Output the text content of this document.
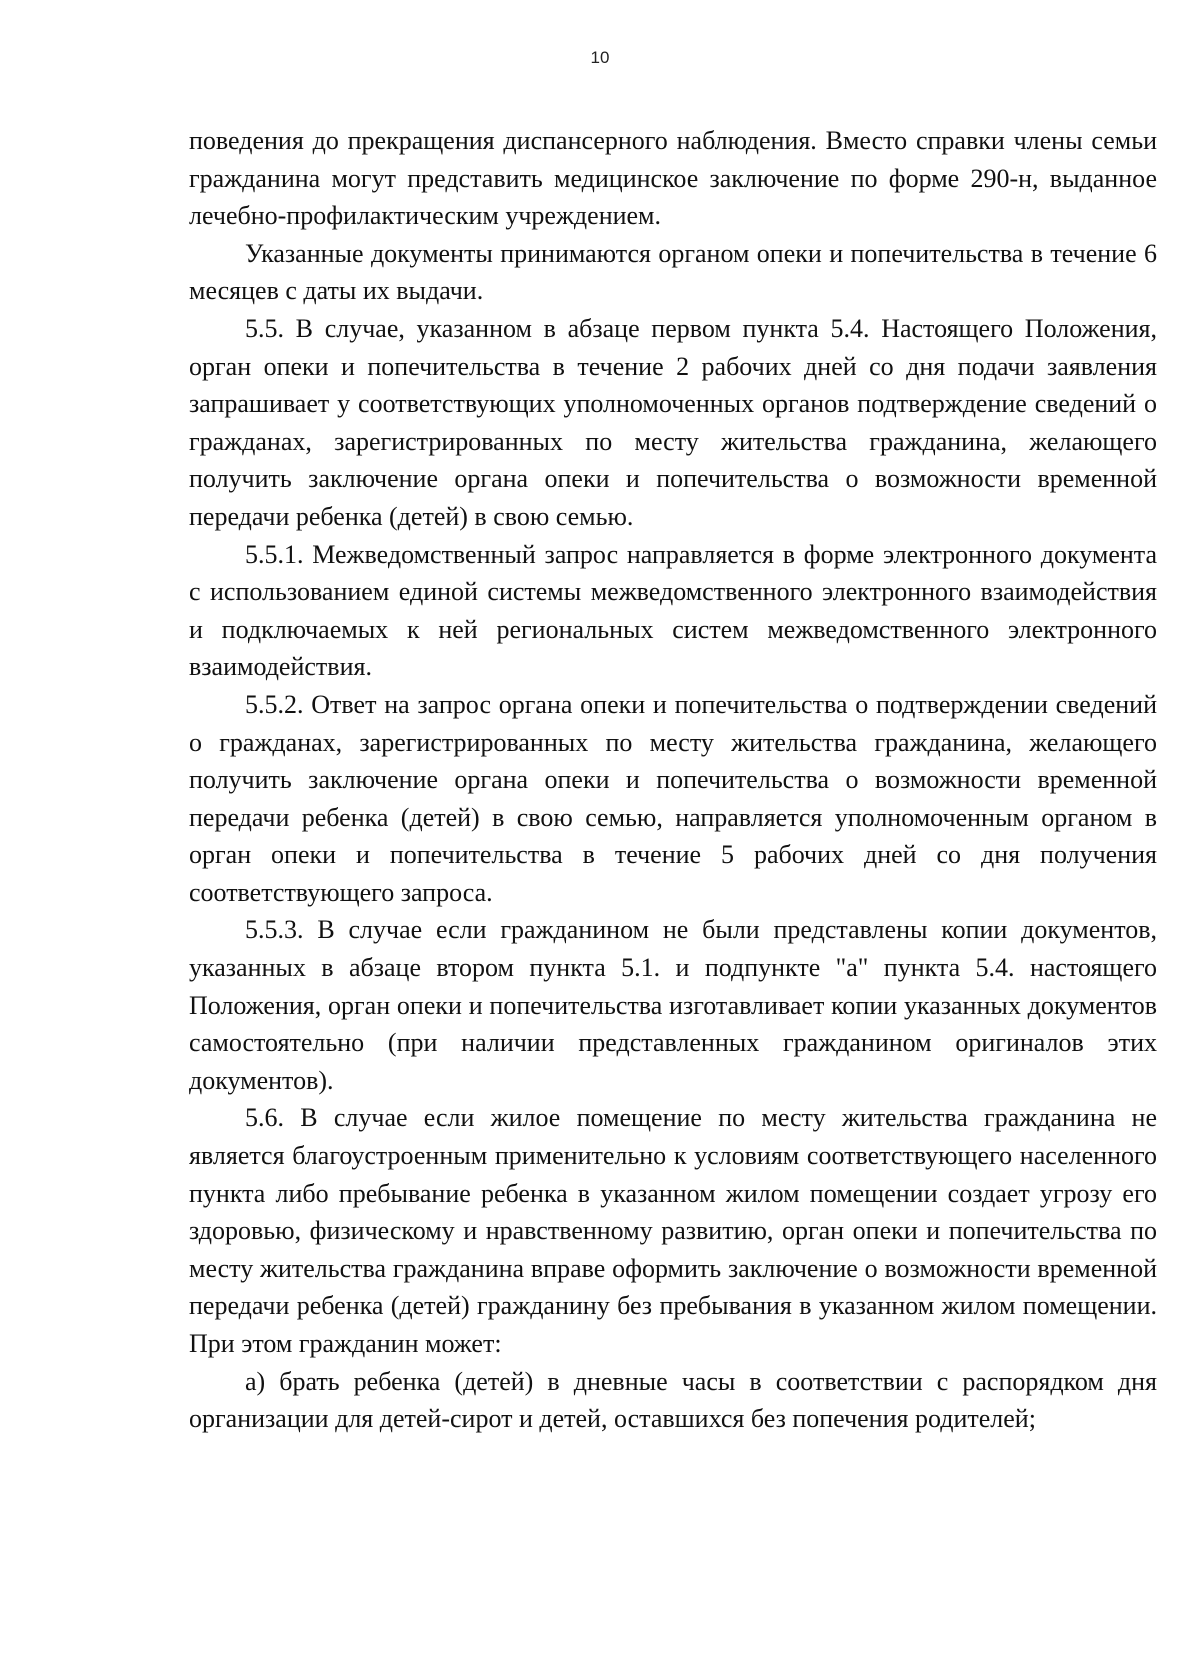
10

поведения до прекращения диспансерного наблюдения. Вместо справки члены семьи гражданина могут представить медицинское заключение по форме 290-н, выданное лечебно-профилактическим учреждением.

Указанные документы принимаются органом опеки и попечительства в течение 6 месяцев с даты их выдачи.

5.5. В случае, указанном в абзаце первом пункта 5.4. Настоящего Положения, орган опеки и попечительства в течение 2 рабочих дней со дня подачи заявления запрашивает у соответствующих уполномоченных органов подтверждение сведений о гражданах, зарегистрированных по месту жительства гражданина, желающего получить заключение органа опеки и попечительства о возможности временной передачи ребенка (детей) в свою семью.

5.5.1. Межведомственный запрос направляется в форме электронного документа с использованием единой системы межведомственного электронного взаимодействия и подключаемых к ней региональных систем межведомственного электронного взаимодействия.

5.5.2. Ответ на запрос органа опеки и попечительства о подтверждении сведений о гражданах, зарегистрированных по месту жительства гражданина, желающего получить заключение органа опеки и попечительства о возможности временной передачи ребенка (детей) в свою семью, направляется уполномоченным органом в орган опеки и попечительства в течение 5 рабочих дней со дня получения соответствующего запроса.

5.5.3. В случае если гражданином не были представлены копии документов, указанных в абзаце втором пункта 5.1. и подпункте "а" пункта 5.4. настоящего Положения, орган опеки и попечительства изготавливает копии указанных документов самостоятельно (при наличии представленных гражданином оригиналов этих документов).

5.6. В случае если жилое помещение по месту жительства гражданина не является благоустроенным применительно к условиям соответствующего населенного пункта либо пребывание ребенка в указанном жилом помещении создает угрозу его здоровью, физическому и нравственному развитию, орган опеки и попечительства по месту жительства гражданина вправе оформить заключение о возможности временной передачи ребенка (детей) гражданину без пребывания в указанном жилом помещении. При этом гражданин может:

а) брать ребенка (детей) в дневные часы в соответствии с распорядком дня организации для детей-сирот и детей, оставшихся без попечения родителей;
